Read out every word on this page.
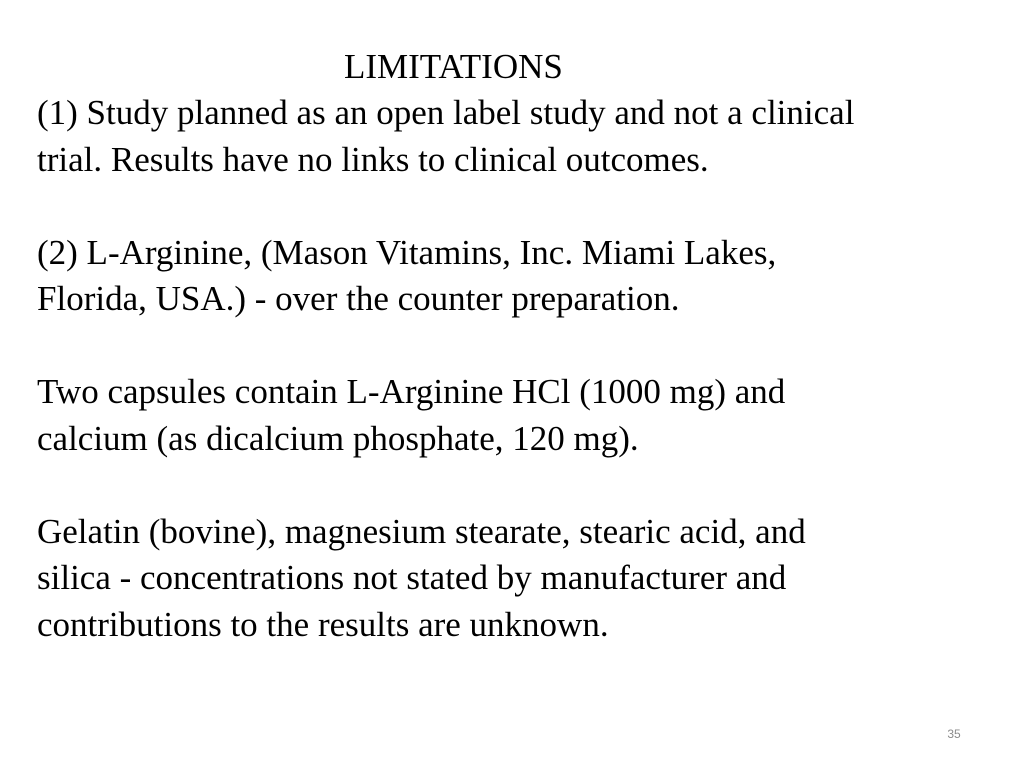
LIMITATIONS
(1) Study planned as an open label study and not a clinical
trial. Results have no links to clinical outcomes.
(2) L-Arginine, (Mason Vitamins, Inc. Miami Lakes,
Florida, USA.) - over the counter preparation.
Two capsules contain L-Arginine HCl (1000 mg) and
calcium (as dicalcium phosphate, 120 mg).
Gelatin (bovine), magnesium stearate, stearic acid, and
silica - concentrations not stated by manufacturer and
contributions to the results are unknown.
35
